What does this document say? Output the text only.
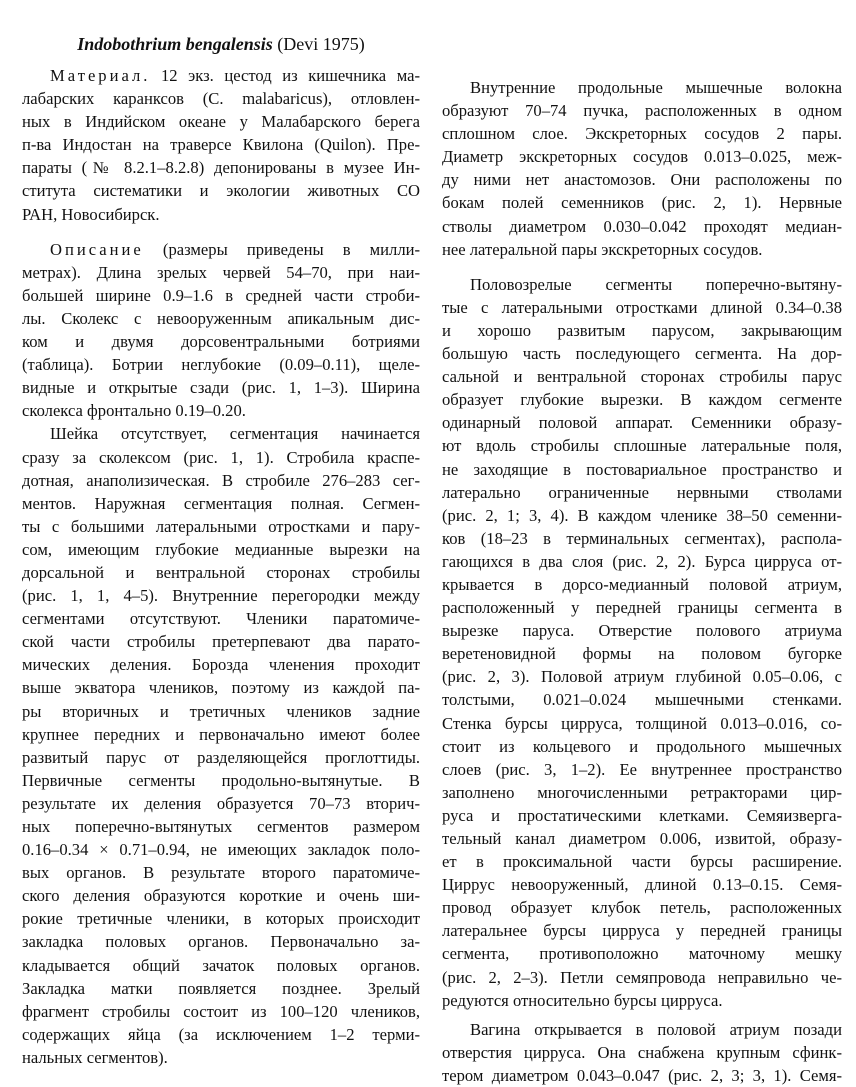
Indobothrium bengalensis (Devi 1975)
Материал. 12 экз. цестод из кишечника ма-
лабарских каранксов (C. malabaricus), отловлен-
ных в Индийском океане у Малабарского берега
п-ва Индостан на траверсе Квилона (Quilon). Пре-
параты (№ 8.2.1–8.2.8) депонированы в музее Ин-
ститута систематики и экологии животных СО
РАН, Новосибирск.
Описание (размеры приведены в милли-
метрах). Длина зрелых червей 54–70, при наи-
большей ширине 0.9–1.6 в средней части строби-
лы. Сколекс с невооруженным апикальным дис-
ком и двумя дорсовентральными ботриями
(таблица). Ботрии неглубокие (0.09–0.11), щеле-
видные и открытые сзади (рис. 1, 1–3). Ширина
сколекса фронтально 0.19–0.20.
Шейка отсутствует, сегментация начинается
сразу за сколексом (рис. 1, 1). Стробила краспе-
дотная, анаполизическая. В стробиле 276–283 сег-
ментов. Наружная сегментация полная. Сегмен-
ты с большими латеральными отростками и пару-
сом, имеющим глубокие медианные вырезки на
дорсальной и вентральной сторонах стробилы
(рис. 1, 1, 4–5). Внутренние перегородки между
сегментами отсутствуют. Членики паратомиче-
ской части стробилы претерпевают два парато-
мических деления. Борозда членения проходит
выше экватора члеников, поэтому из каждой па-
ры вторичных и третичных члеников задние
крупнее передних и первоначально имеют более
развитый парус от разделяющейся проглоттиды.
Первичные сегменты продольно-вытянутые. В
результате их деления образуется 70–73 вторич-
ных поперечно-вытянутых сегментов размером
0.16–0.34 × 0.71–0.94, не имеющих закладок поло-
вых органов. В результате второго паратомиче-
ского деления образуются короткие и очень ши-
рокие третичные членики, в которых происходит
закладка половых органов. Первоначально за-
кладывается общий зачаток половых органов.
Закладка матки появляется позднее. Зрелый
фрагмент стробилы состоит из 100–120 члеников,
содержащих яйца (за исключением 1–2 терми-
нальных сегментов).
Внутренние продольные мышечные волокна
образуют 70–74 пучка, расположенных в одном
сплошном слое. Экскреторных сосудов 2 пары.
Диаметр экскреторных сосудов 0.013–0.025, меж-
ду ними нет анастомозов. Они расположены по
бокам полей семенников (рис. 2, 1). Нервные
стволы диаметром 0.030–0.042 проходят медиан-
нее латеральной пары экскреторных сосудов.
Половозрелые сегменты поперечно-вытяну-
тые с латеральными отростками длиной 0.34–0.38
и хорошо развитым парусом, закрывающим
большую часть последующего сегмента. На дор-
сальной и вентральной сторонах стробилы парус
образует глубокие вырезки. В каждом сегменте
одинарный половой аппарат. Семенники образу-
ют вдоль стробилы сплошные латеральные поля,
не заходящие в постовариальное пространство и
латерально ограниченные нервными стволами
(рис. 2, 1; 3, 4). В каждом членике 38–50 семенни-
ков (18–23 в терминальных сегментах), распола-
гающихся в два слоя (рис. 2, 2). Бурса цирруса от-
крывается в дорсо-медианный половой атриум,
расположенный у передней границы сегмента в
вырезке паруса. Отверстие полового атриума
веретеновидной формы на половом бугорке
(рис. 2, 3). Половой атриум глубиной 0.05–0.06, с
толстыми, 0.021–0.024 мышечными стенками.
Стенка бурсы цирруса, толщиной 0.013–0.016, со-
стоит из кольцевого и продольного мышечных
слоев (рис. 3, 1–2). Ее внутреннее пространство
заполнено многочисленными ретракторами цир-
руса и простатическими клетками. Семяизверга-
тельный канал диаметром 0.006, извитой, образу-
ет в проксимальной части бурсы расширение.
Циррус невооруженный, длиной 0.13–0.15. Семя-
провод образует клубок петель, расположенных
латеральнее бурсы цирруса у передней границы
сегмента, противоположно маточному мешку
(рис. 2, 2–3). Петли семяпровода неправильно че-
редуются относительно бурсы цирруса.
Вагина открывается в половой атриум позади
отверстия цирруса. Она снабжена крупным сфинк-
тером диаметром 0.043–0.047 (рис. 2, 3; 3, 1). Семя-
